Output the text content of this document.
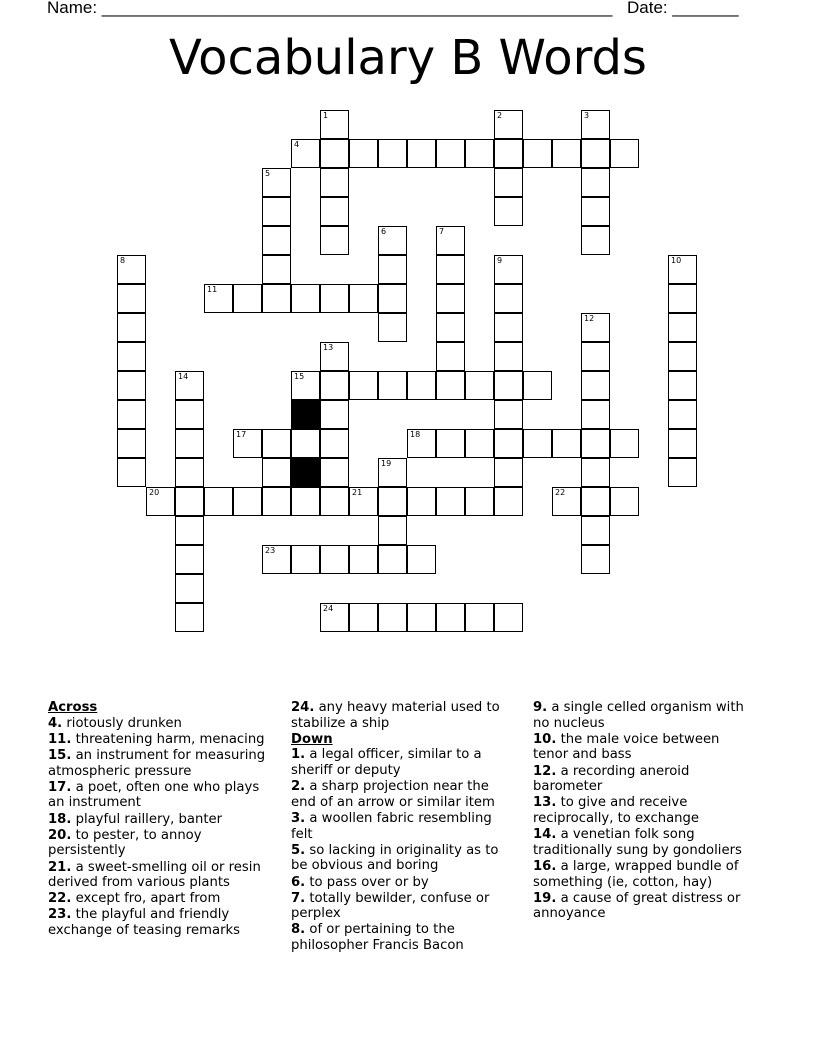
Name: ______________________________________________________ Date: _______
Vocabulary B Words
4
11
15
17	18
20	21	22
23
24
1	2	3
5
6	7
8	9	10
12
13
14
19
Across
4. riotously drunken
11. threatening harm, menacing
15. an instrument for measuring atmospheric pressure
17. a poet, often one who plays an instrument
18. playful raillery, banter
20. to pester, to annoy persistently
21. a sweet-smelling oil or resin derived from various plants
22. except fro, apart from
23. the playful and friendly exchange of teasing remarks
24. any heavy material used to stabilize a ship
Down
1. a legal officer, similar to a sheriff or deputy
2. a sharp projection near the end of an arrow or similar item
3. a woollen fabric resembling felt
5. so lacking in originality as to be obvious and boring
6. to pass over or by
7. totally bewilder, confuse or perplex
8. of or pertaining to the philosopher Francis Bacon
9. a single celled organism with no nucleus
10. the male voice between tenor and bass
12. a recording aneroid barometer
13. to give and receive reciprocally, to exchange
14. a venetian folk song traditionally sung by gondoliers
16. a large, wrapped bundle of something (ie, cotton, hay)
19. a cause of great distress or annoyance
